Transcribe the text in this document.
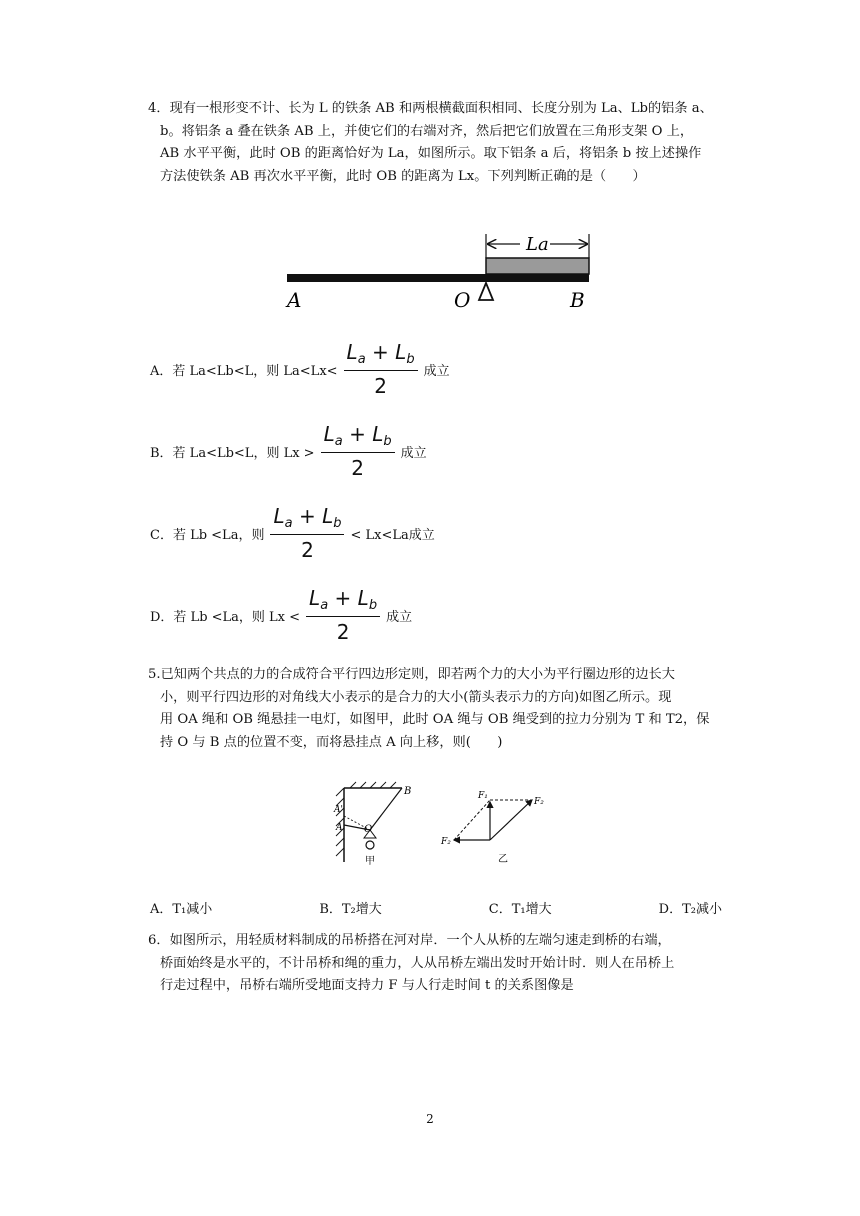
4．现有一根形变不计、长为 L 的铁条 AB 和两根横截面积相同、长度分别为 La、Lb的铝条 a、
b。将铝条 a 叠在铁条 AB 上，并使它们的右端对齐，然后把它们放置在三角形支架 O 上，
AB 水平平衡，此时 OB 的距离恰好为 La，如图所示。取下铝条 a 后，将铝条 b 按上述操作
方法使铁条 AB 再次水平平衡，此时 OB 的距离为 Lx。下列判断正确的是（　　）
La
A	O	B
A．若 La<Lb<L，则 $La<Lx< \frac{L_a + L_b}{2}$ 成立
B．若 La<Lb<L，则 $Lx > \frac{L_a + L_b}{2}$ 成立
C．若 Lb <La，则 $\frac{L_a + L_b}{2} < Lx<La$成立
D．若 Lb <La，则 $Lx < \frac{L_a + L_b}{2}$ 成立
5.已知两个共点的力的合成符合平行四边形定则，即若两个力的大小为平行圈边形的边长大
小，则平行四边形的对角线大小表示的是合力的大小(箭头表示力的方向)如图乙所示。现
用 OA 绳和 OB 绳悬挂一电灯，如图甲，此时 OA 绳与 OB 绳受到的拉力分别为 T 和 T2，保
持 O 与 B 点的位置不变，而将悬挂点 A 向上移，则(　　)
A'
A
B
O
甲
F₁
F₂
F₂
乙
A．T₁减小	B．T₂增大	C．T₁增大	D．T₂减小
6．如图所示，用轻质材料制成的吊桥搭在河对岸．一个人从桥的左端匀速走到桥的右端，
桥面始终是水平的，不计吊桥和绳的重力，人从吊桥左端出发时开始计时．则人在吊桥上
行走过程中，吊桥右端所受地面支持力 F 与人行走时间 t 的关系图像是
2
